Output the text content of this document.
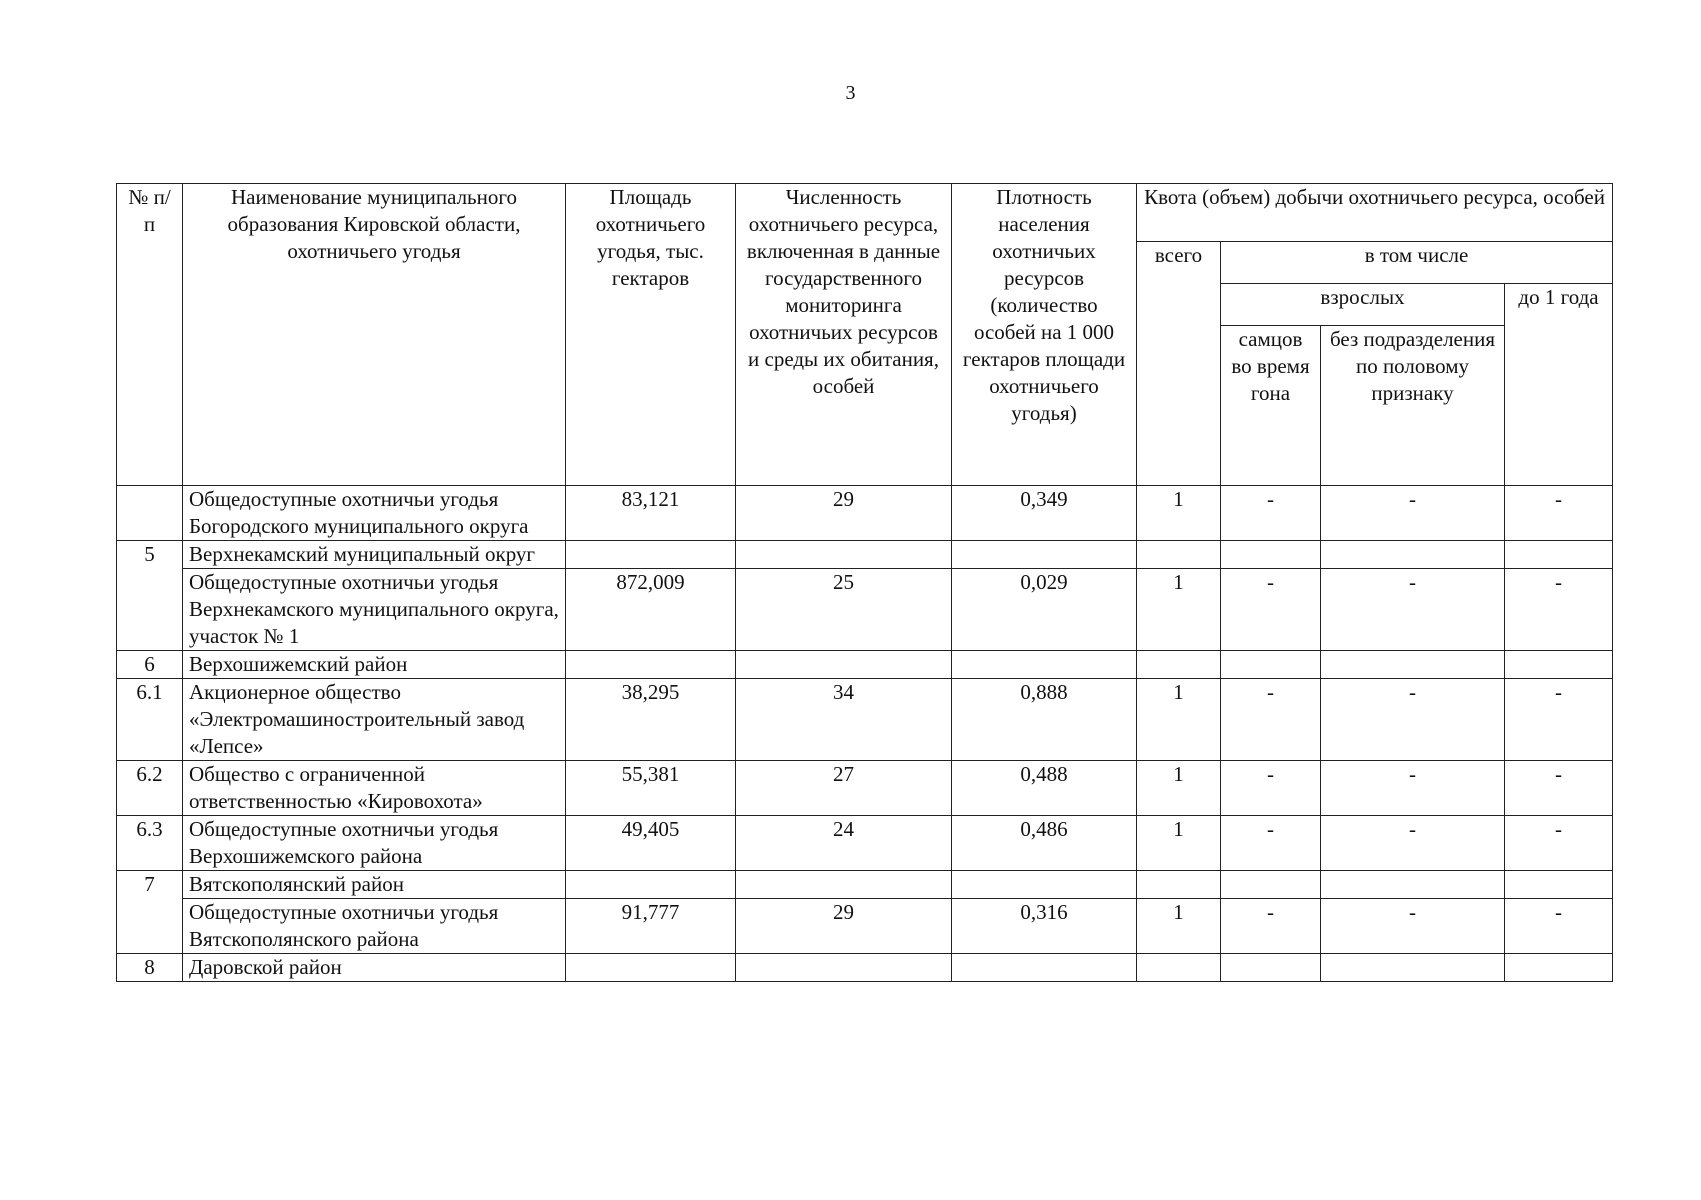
3
№ п/п	Наименование муниципального образования Кировской области, охотничьего угодья	Площадь охотничьего угодья, тыс. гектаров	Численность охотничьего ресурса, включенная в данные государственного мониторинга охотничьих ресурсов и среды их обитания, особей	Плотность населения охотничьих ресурсов (количество особей на 1 000 гектаров площади охотничьего угодья)	Квота (объем) добычи охотничьего ресурса, особей			
					всего	в том числе		
						взрослых		до 1 года
						самцов во время гона	без подразделения по половому признаку	
	Общедоступные охотничьи угодья Богородского муниципального округа	83,121	29	0,349	1	-	-	-
5	Верхнекамский муниципальный округ							
	Общедоступные охотничьи угодья Верхнекамского муниципального округа, участок № 1	872,009	25	0,029	1	-	-	-
6	Верхошижемский район							
6.1	Акционерное общество «Электромашиностроительный завод «Лепсе»	38,295	34	0,888	1	-	-	-
6.2	Общество с ограниченной ответственностью «Кировохота»	55,381	27	0,488	1	-	-	-
6.3	Общедоступные охотничьи угодья Верхошижемского района	49,405	24	0,486	1	-	-	-
7	Вятскополянский район							
	Общедоступные охотничьи угодья Вятскополянского района	91,777	29	0,316	1	-	-	-
8	Даровской район							
